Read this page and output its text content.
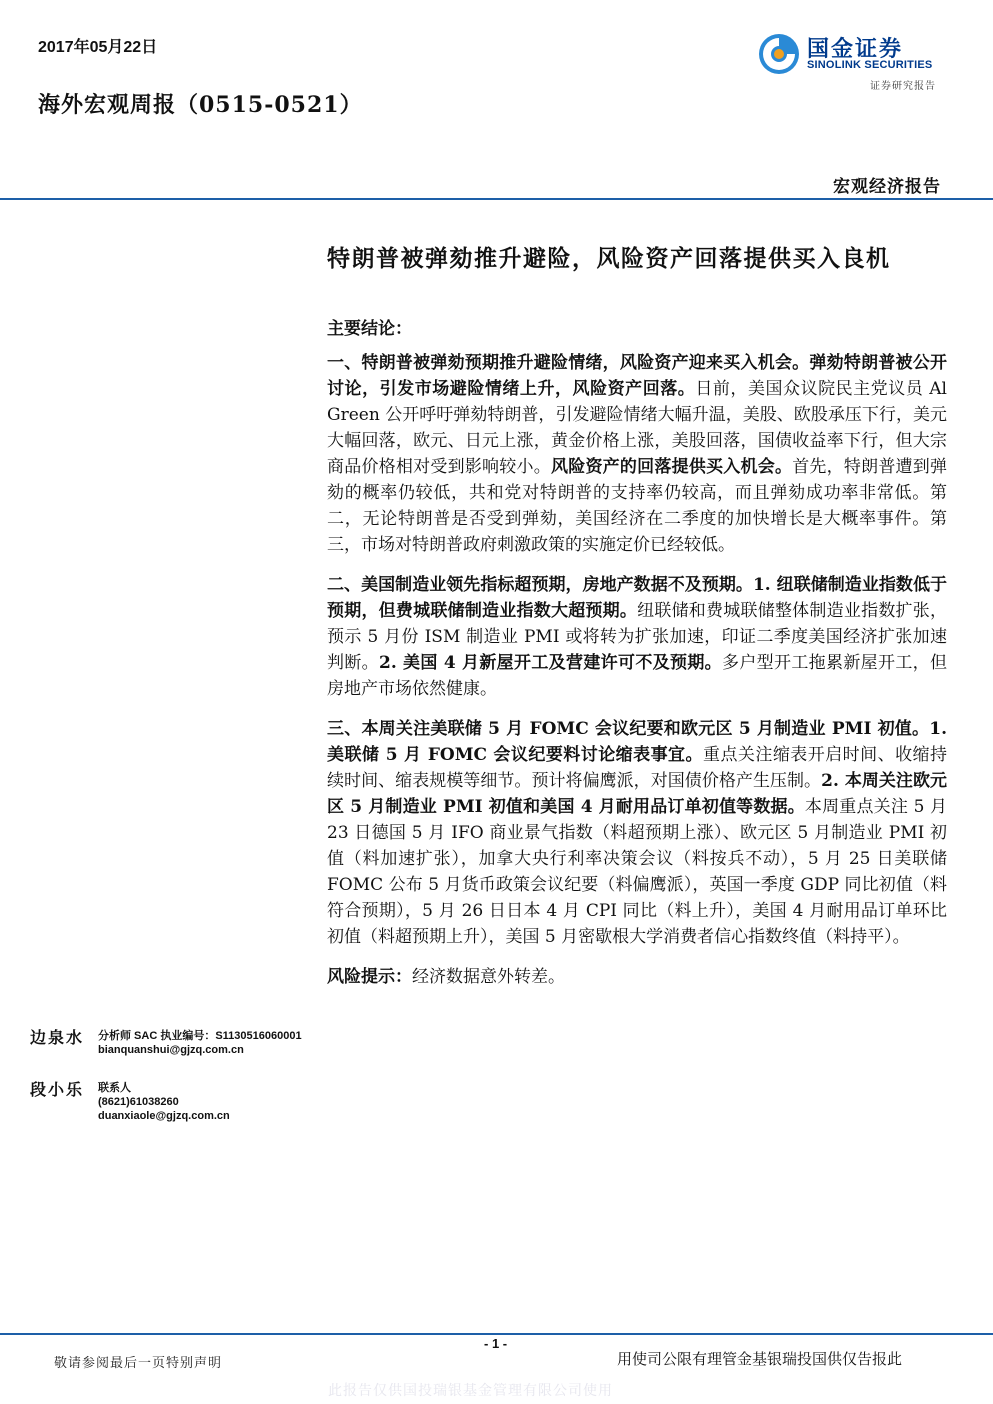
2017年05月22日
海外宏观周报（0515-0521）
国金证券
SINOLINK SECURITIES
证券研究报告
宏观经济报告
特朗普被弹劾推升避险，风险资产回落提供买入良机
主要结论：

一、特朗普被弹劾预期推升避险情绪，风险资产迎来买入机会。弹劾特朗普被公开讨论，引发市场避险情绪上升，风险资产回落。日前，美国众议院民主党议员 Al Green 公开呼吁弹劾特朗普，引发避险情绪大幅升温，美股、欧股承压下行，美元大幅回落，欧元、日元上涨，黄金价格上涨，美股回落，国债收益率下行，但大宗商品价格相对受到影响较小。风险资产的回落提供买入机会。首先，特朗普遭到弹劾的概率仍较低，共和党对特朗普的支持率仍较高，而且弹劾成功率非常低。第二，无论特朗普是否受到弹劾，美国经济在二季度的加快增长是大概率事件。第三，市场对特朗普政府刺激政策的实施定价已经较低。

二、美国制造业领先指标超预期，房地产数据不及预期。1. 纽联储制造业指数低于预期，但费城联储制造业指数大超预期。纽联储和费城联储整体制造业指数扩张，预示 5 月份 ISM 制造业 PMI 或将转为扩张加速，印证二季度美国经济扩张加速判断。2. 美国 4 月新屋开工及营建许可不及预期。多户型开工拖累新屋开工，但房地产市场依然健康。

三、本周关注美联储 5 月 FOMC 会议纪要和欧元区 5 月制造业 PMI 初值。1. 美联储 5 月 FOMC 会议纪要料讨论缩表事宜。重点关注缩表开启时间、收缩持续时间、缩表规模等细节。预计将偏鹰派，对国债价格产生压制。2. 本周关注欧元区 5 月制造业 PMI 初值和美国 4 月耐用品订单初值等数据。本周重点关注 5 月 23 日德国 5 月 IFO 商业景气指数（料超预期上涨）、欧元区 5 月制造业 PMI 初值（料加速扩张），加拿大央行利率决策会议（料按兵不动），5 月 25 日美联储 FOMC 公布 5 月货币政策会议纪要（料偏鹰派），英国一季度 GDP 同比初值（料符合预期），5 月 26 日日本 4 月 CPI 同比（料上升），美国 4 月耐用品订单环比初值（料超预期上升），美国 5 月密歇根大学消费者信心指数终值（料持平）。

风险提示：经济数据意外转差。

边泉水 分析师 SAC 执业编号：S1130516060001
bianquanshui@gjzq.com.cn
段小乐 联系人
(8621)61038260
duanxiaole@gjzq.com.cn
- 1 -
敬请参阅最后一页特别声明	用使司公限有理管金基银瑞投国供仅告报此
此报告仅供国投瑞银基金管理有限公司使用
